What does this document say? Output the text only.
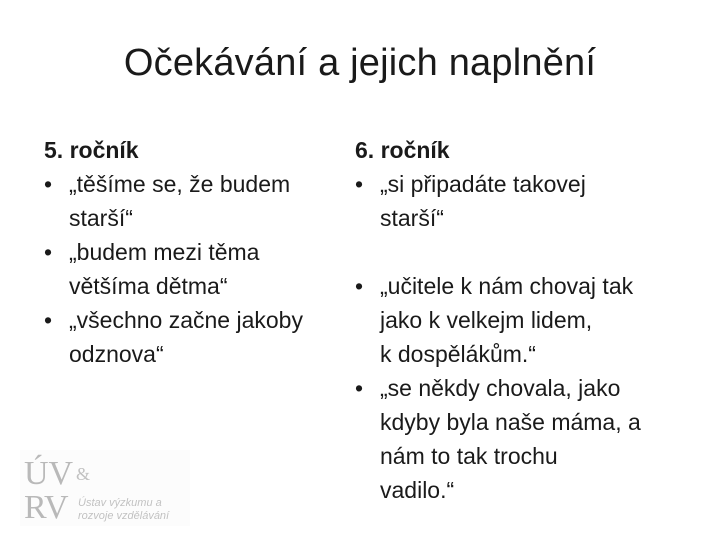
Očekávání a jejich naplnění
5. ročník
• „těšíme se, že budem
starší“
• „budem mezi těma
většíma dětma“
• „všechno začne jakoby
odznova“
6. ročník
• „si připadáte takovej
starší“
• „učitele k nám chovaj tak
jako k velkejm lidem,
k dospělákům.“
• „se někdy chovala, jako
kdyby byla naše máma, a
nám to tak trochu
vadilo.“
ÚV &
RV Ústav výzkumu a
rozvoje vzdělávání
